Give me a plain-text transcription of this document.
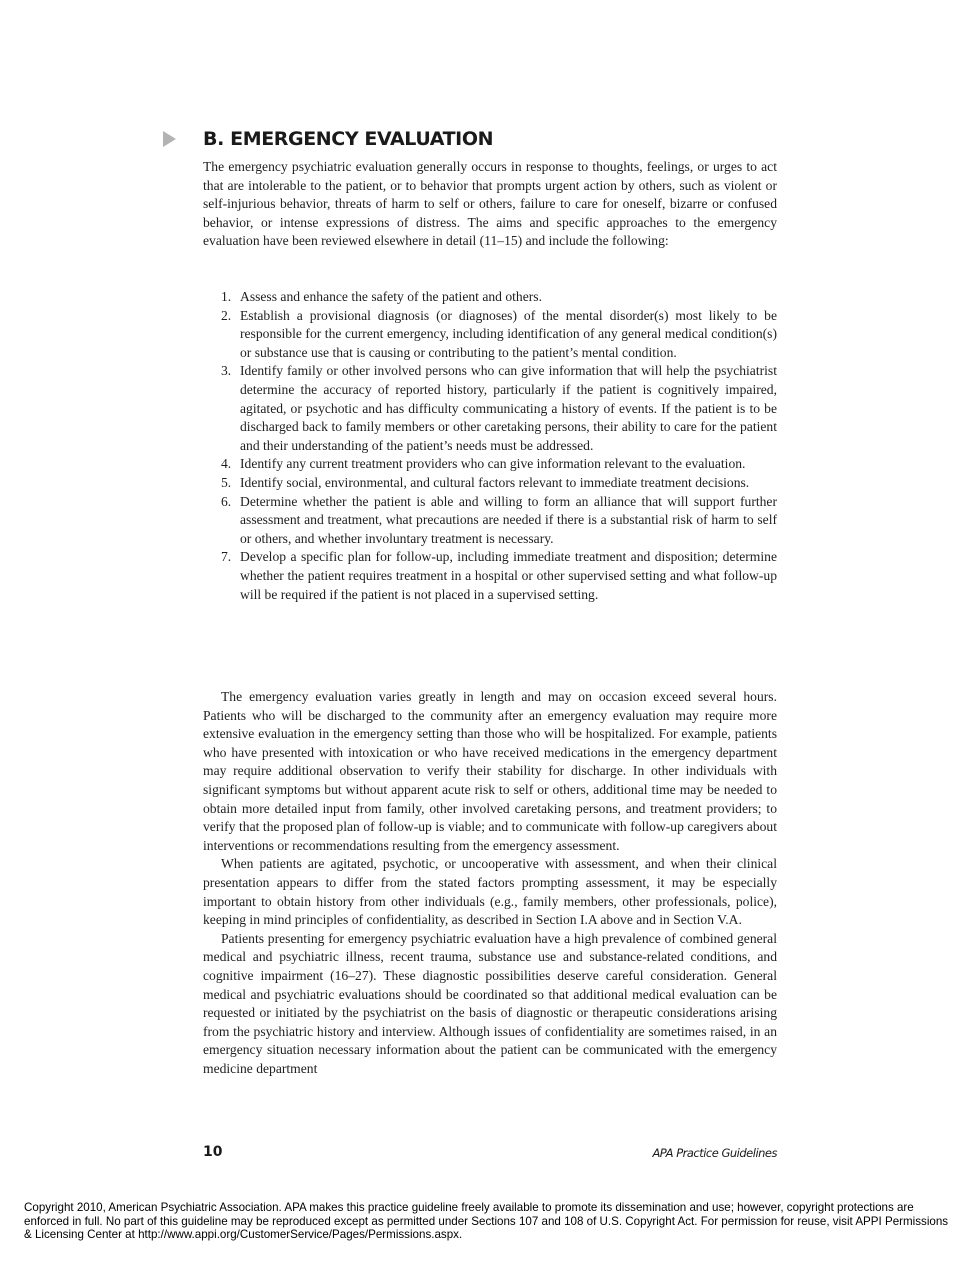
B. EMERGENCY EVALUATION
The emergency psychiatric evaluation generally occurs in response to thoughts, feelings, or urges to act that are intolerable to the patient, or to behavior that prompts urgent action by others, such as violent or self-injurious behavior, threats of harm to self or others, failure to care for oneself, bizarre or confused behavior, or intense expressions of distress. The aims and specific approaches to the emergency evaluation have been reviewed elsewhere in detail (11–15) and include the following:
1. Assess and enhance the safety of the patient and others.
2. Establish a provisional diagnosis (or diagnoses) of the mental disorder(s) most likely to be responsible for the current emergency, including identification of any general medical condition(s) or substance use that is causing or contributing to the patient’s mental condition.
3. Identify family or other involved persons who can give information that will help the psychiatrist determine the accuracy of reported history, particularly if the patient is cognitively impaired, agitated, or psychotic and has difficulty communicating a history of events. If the patient is to be discharged back to family members or other caretaking persons, their ability to care for the patient and their understanding of the patient’s needs must be addressed.
4. Identify any current treatment providers who can give information relevant to the evaluation.
5. Identify social, environmental, and cultural factors relevant to immediate treatment decisions.
6. Determine whether the patient is able and willing to form an alliance that will support further assessment and treatment, what precautions are needed if there is a substantial risk of harm to self or others, and whether involuntary treatment is necessary.
7. Develop a specific plan for follow-up, including immediate treatment and disposition; determine whether the patient requires treatment in a hospital or other supervised setting and what follow-up will be required if the patient is not placed in a supervised setting.

The emergency evaluation varies greatly in length and may on occasion exceed several hours. Patients who will be discharged to the community after an emergency evaluation may require more extensive evaluation in the emergency setting than those who will be hospitalized. For example, patients who have presented with intoxication or who have received medications in the emergency department may require additional observation to verify their stability for discharge. In other individuals with significant symptoms but without apparent acute risk to self or others, additional time may be needed to obtain more detailed input from family, other involved caretaking persons, and treatment providers; to verify that the proposed plan of follow-up is viable; and to communicate with follow-up caregivers about interventions or recommendations resulting from the emergency assessment.

When patients are agitated, psychotic, or uncooperative with assessment, and when their clinical presentation appears to differ from the stated factors prompting assessment, it may be especially important to obtain history from other individuals (e.g., family members, other professionals, police), keeping in mind principles of confidentiality, as described in Section I.A above and in Section V.A.

Patients presenting for emergency psychiatric evaluation have a high prevalence of combined general medical and psychiatric illness, recent trauma, substance use and substance-related conditions, and cognitive impairment (16–27). These diagnostic possibilities deserve careful consideration. General medical and psychiatric evaluations should be coordinated so that additional medical evaluation can be requested or initiated by the psychiatrist on the basis of diagnostic or therapeutic considerations arising from the psychiatric history and interview. Although issues of confidentiality are sometimes raised, in an emergency situation necessary information about the patient can be communicated with the emergency medicine department

10	APA Practice Guidelines
Copyright 2010, American Psychiatric Association. APA makes this practice guideline freely available to promote its dissemination and use; however, copyright protections are enforced in full. No part of this guideline may be reproduced except as permitted under Sections 107 and 108 of U.S. Copyright Act. For permission for reuse, visit APPI Permissions & Licensing Center at http://www.appi.org/CustomerService/Pages/Permissions.aspx.
